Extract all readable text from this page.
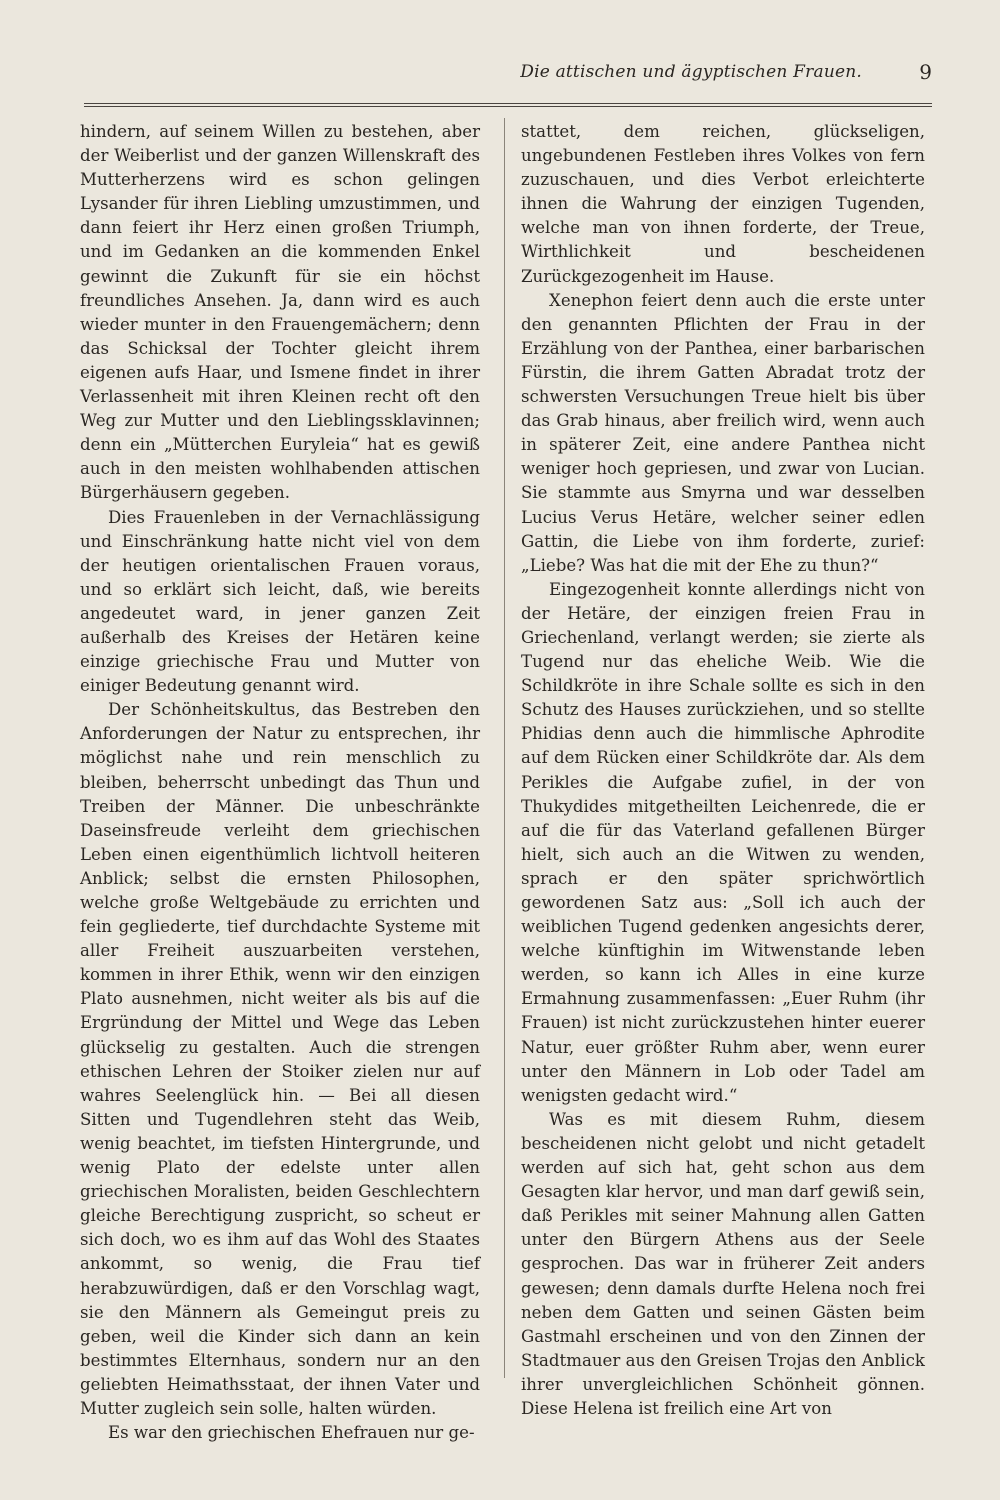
Die attischen und ägyptischen Frauen.	9

hindern, auf seinem Willen zu bestehen, aber der Weiberlist und der ganzen Willenskraft des Mutterherzens wird es schon gelingen Lysander für ihren Liebling umzustimmen, und dann feiert ihr Herz einen großen Triumph, und im Gedanken an die kommenden Enkel gewinnt die Zukunft für sie ein höchst freundliches Ansehen. Ja, dann wird es auch wieder munter in den Frauengemächern; denn das Schicksal der Tochter gleicht ihrem eigenen aufs Haar, und Ismene findet in ihrer Verlassenheit mit ihren Kleinen recht oft den Weg zur Mutter und den Lieblingssklavinnen; denn ein „Mütterchen Euryleia“ hat es gewiß auch in den meisten wohlhabenden attischen Bürgerhäusern gegeben.

Dies Frauenleben in der Vernachlässigung und Einschränkung hatte nicht viel von dem der heutigen orientalischen Frauen voraus, und so erklärt sich leicht, daß, wie bereits angedeutet ward, in jener ganzen Zeit außerhalb des Kreises der Hetären keine einzige griechische Frau und Mutter von einiger Bedeutung genannt wird.

Der Schönheitskultus, das Bestreben den Anforderungen der Natur zu entsprechen, ihr möglichst nahe und rein menschlich zu bleiben, beherrscht unbedingt das Thun und Treiben der Männer. Die unbeschränkte Daseinsfreude verleiht dem griechischen Leben einen eigenthümlich lichtvoll heiteren Anblick; selbst die ernsten Philosophen, welche große Weltgebäude zu errichten und fein gegliederte, tief durchdachte Systeme mit aller Freiheit auszuarbeiten verstehen, kommen in ihrer Ethik, wenn wir den einzigen Plato ausnehmen, nicht weiter als bis auf die Ergründung der Mittel und Wege das Leben glückselig zu gestalten. Auch die strengen ethischen Lehren der Stoiker zielen nur auf wahres Seelenglück hin. — Bei all diesen Sitten und Tugendlehren steht das Weib, wenig beachtet, im tiefsten Hintergrunde, und wenig Plato der edelste unter allen griechischen Moralisten, beiden Geschlechtern gleiche Berechtigung zuspricht, so scheut er sich doch, wo es ihm auf das Wohl des Staates ankommt, so wenig, die Frau tief herabzuwürdigen, daß er den Vorschlag wagt, sie den Männern als Gemeingut preis zu geben, weil die Kinder sich dann an kein bestimmtes Elternhaus, sondern nur an den geliebten Heimathsstaat, der ihnen Vater und Mutter zugleich sein solle, halten würden.

Es war den griechischen Ehefrauen nur ge-

stattet, dem reichen, glückseligen, ungebundenen Festleben ihres Volkes von fern zuzuschauen, und dies Verbot erleichterte ihnen die Wahrung der einzigen Tugenden, welche man von ihnen forderte, der Treue, Wirthlichkeit und bescheidenen Zurückgezogenheit im Hause.

Xenephon feiert denn auch die erste unter den genannten Pflichten der Frau in der Erzählung von der Panthea, einer barbarischen Fürstin, die ihrem Gatten Abradat trotz der schwersten Versuchungen Treue hielt bis über das Grab hinaus, aber freilich wird, wenn auch in späterer Zeit, eine andere Panthea nicht weniger hoch gepriesen, und zwar von Lucian. Sie stammte aus Smyrna und war desselben Lucius Verus Hetäre, welcher seiner edlen Gattin, die Liebe von ihm forderte, zurief: „Liebe? Was hat die mit der Ehe zu thun?“

Eingezogenheit konnte allerdings nicht von der Hetäre, der einzigen freien Frau in Griechenland, verlangt werden; sie zierte als Tugend nur das eheliche Weib. Wie die Schildkröte in ihre Schale sollte es sich in den Schutz des Hauses zurückziehen, und so stellte Phidias denn auch die himmlische Aphrodite auf dem Rücken einer Schildkröte dar. Als dem Perikles die Aufgabe zufiel, in der von Thukydides mitgetheilten Leichenrede, die er auf die für das Vaterland gefallenen Bürger hielt, sich auch an die Witwen zu wenden, sprach er den später sprichwörtlich gewordenen Satz aus: „Soll ich auch der weiblichen Tugend gedenken angesichts derer, welche künftighin im Witwenstande leben werden, so kann ich Alles in eine kurze Ermahnung zusammenfassen: „Euer Ruhm (ihr Frauen) ist nicht zurückzustehen hinter euerer Natur, euer größter Ruhm aber, wenn eurer unter den Männern in Lob oder Tadel am wenigsten gedacht wird.“

Was es mit diesem Ruhm, diesem bescheidenen nicht gelobt und nicht getadelt werden auf sich hat, geht schon aus dem Gesagten klar hervor, und man darf gewiß sein, daß Perikles mit seiner Mahnung allen Gatten unter den Bürgern Athens aus der Seele gesprochen. Das war in früherer Zeit anders gewesen; denn damals durfte Helena noch frei neben dem Gatten und seinen Gästen beim Gastmahl erscheinen und von den Zinnen der Stadtmauer aus den Greisen Trojas den Anblick ihrer unvergleichlichen Schönheit gönnen. Diese Helena ist freilich eine Art von
